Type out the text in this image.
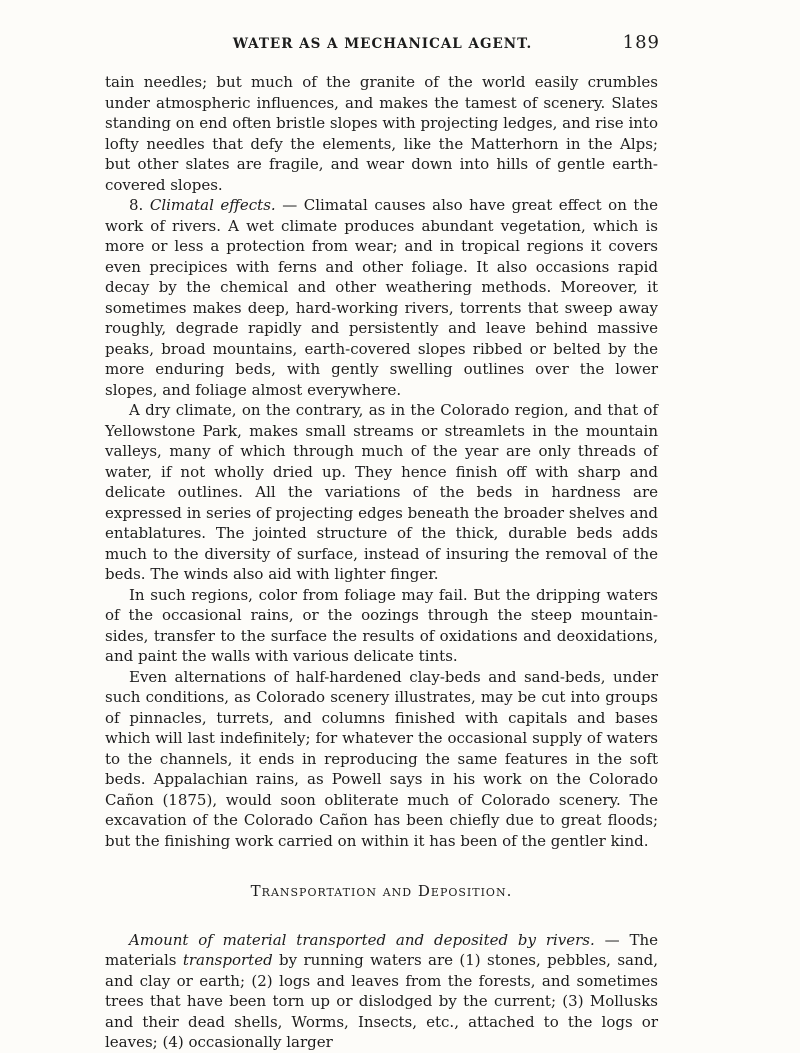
WATER AS A MECHANICAL AGENT.	189

tain needles; but much of the granite of the world easily crumbles under atmospheric influences, and makes the tamest of scenery. Slates standing on end often bristle slopes with projecting ledges, and rise into lofty needles that defy the elements, like the Matterhorn in the Alps; but other slates are fragile, and wear down into hills of gentle earth-covered slopes.

8. Climatal effects. — Climatal causes also have great effect on the work of rivers. A wet climate produces abundant vegetation, which is more or less a protection from wear; and in tropical regions it covers even precipices with ferns and other foliage. It also occasions rapid decay by the chemical and other weathering methods. Moreover, it sometimes makes deep, hard-working rivers, torrents that sweep away roughly, degrade rapidly and persistently and leave behind massive peaks, broad mountains, earth-covered slopes ribbed or belted by the more enduring beds, with gently swelling outlines over the lower slopes, and foliage almost everywhere.

A dry climate, on the contrary, as in the Colorado region, and that of Yellowstone Park, makes small streams or streamlets in the mountain valleys, many of which through much of the year are only threads of water, if not wholly dried up. They hence finish off with sharp and delicate outlines. All the variations of the beds in hardness are expressed in series of projecting edges beneath the broader shelves and entablatures. The jointed structure of the thick, durable beds adds much to the diversity of surface, instead of insuring the removal of the beds. The winds also aid with lighter finger.

In such regions, color from foliage may fail. But the dripping waters of the occasional rains, or the oozings through the steep mountain-sides, transfer to the surface the results of oxidations and deoxidations, and paint the walls with various delicate tints.

Even alternations of half-hardened clay-beds and sand-beds, under such conditions, as Colorado scenery illustrates, may be cut into groups of pinnacles, turrets, and columns finished with capitals and bases which will last indefinitely; for whatever the occasional supply of waters to the channels, it ends in reproducing the same features in the soft beds. Appalachian rains, as Powell says in his work on the Colorado Cañon (1875), would soon obliterate much of Colorado scenery. The excavation of the Colorado Cañon has been chiefly due to great floods; but the finishing work carried on within it has been of the gentler kind.

Transportation and Deposition.

Amount of material transported and deposited by rivers. — The materials transported by running waters are (1) stones, pebbles, sand, and clay or earth; (2) logs and leaves from the forests, and sometimes trees that have been torn up or dislodged by the current; (3) Mollusks and their dead shells, Worms, Insects, etc., attached to the logs or leaves; (4) occasionally larger
